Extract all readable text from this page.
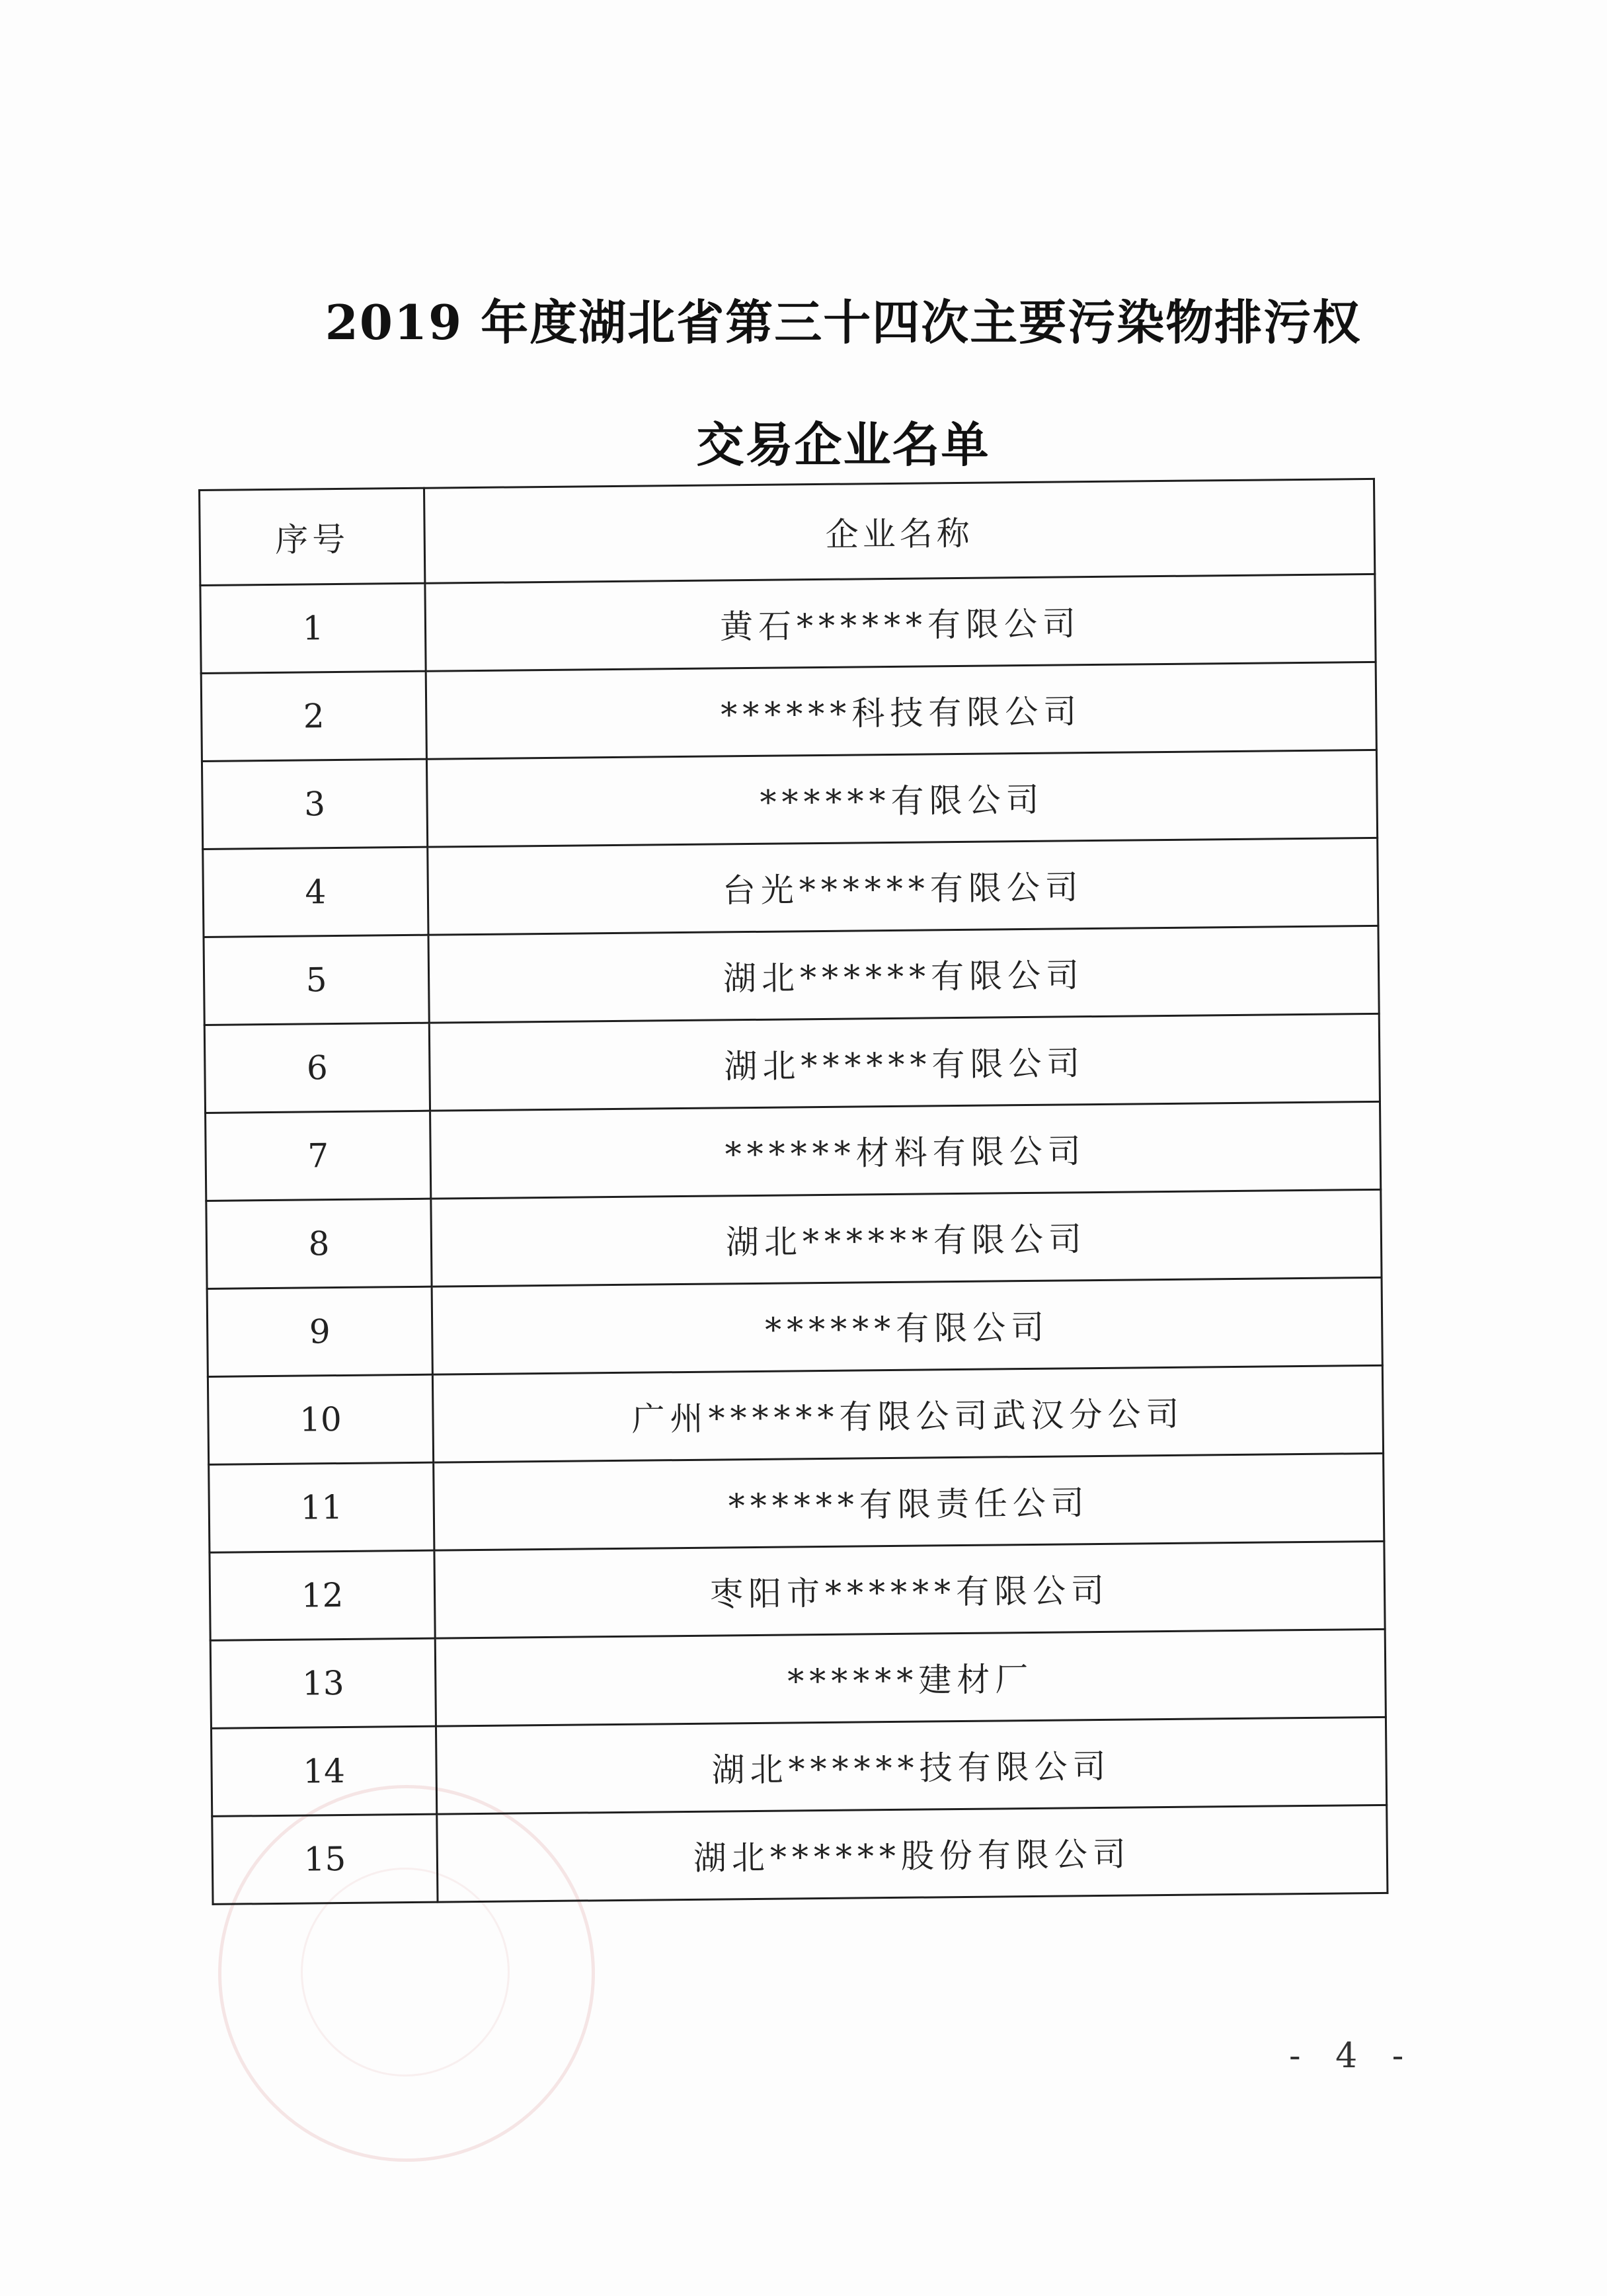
2019 年度湖北省第三十四次主要污染物排污权
交易企业名单
序号	企业名称
1	黄石******有限公司
2	******科技有限公司
3	******有限公司
4	台光******有限公司
5	湖北******有限公司
6	湖北******有限公司
7	******材料有限公司
8	湖北******有限公司
9	******有限公司
10	广州******有限公司武汉分公司
11	******有限责任公司
12	枣阳市******有限公司
13	******建材厂
14	湖北******技有限公司
15	湖北******股份有限公司
- 4 -
